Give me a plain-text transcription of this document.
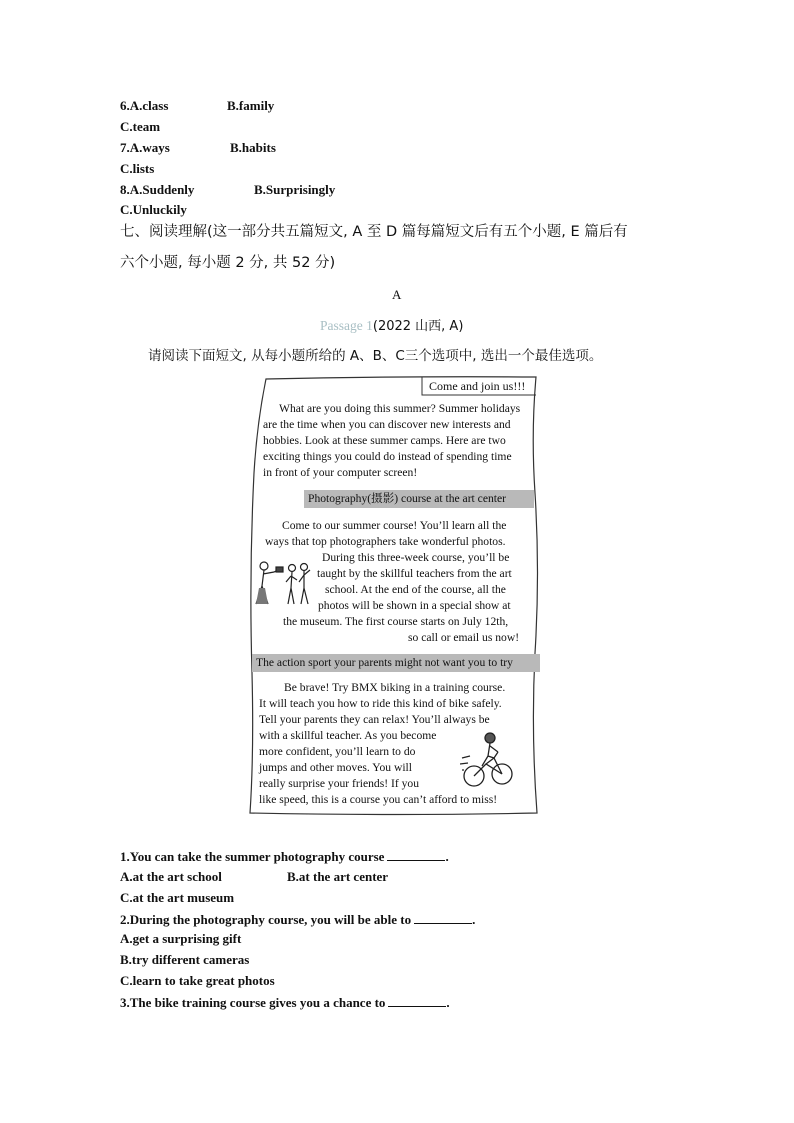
6.A.class	B.family
C.team
7.A.ways	B.habits
C.lists
8.A.Suddenly	B.Surprisingly
C.Unluckily
七、阅读理解(这一部分共五篇短文, A 至 D 篇每篇短文后有五个小题, E 篇后有
六个小题, 每小题 2 分, 共 52 分)
A
Passage 1(2022 山西, A)
请阅读下面短文, 从每小题所给的 A、B、C三个选项中, 选出一个最佳选项。
Come and join us!!!
What are you doing this summer? Summer holidays
are the time when you can discover new interests and
hobbies. Look at these summer camps. Here are two
exciting things you could do instead of spending time
in front of your computer screen!
Photography(摄影) course at the art center
Come to our summer course! You’ll learn all the
ways that top photographers take wonderful photos.
During this three-week course, you’ll be
taught by the skillful teachers from the art
school. At the end of the course, all the
photos will be shown in a special show at
the museum. The first course starts on July 12th,
so call or email us now!
The action sport your parents might not want you to try
Be brave! Try BMX biking in a training course.
It will teach you how to ride this kind of bike safely.
Tell your parents they can relax! You’ll always be
with a skillful teacher. As you become
more confident, you’ll learn to do
jumps and other moves. You will
really surprise your friends! If you
like speed, this is a course you can’t afford to miss!
1.You can take the summer photography course	.
A.at the art school	B.at the art center
C.at the art museum
2.During the photography course, you will be able to	.
A.get a surprising gift
B.try different cameras
C.learn to take great photos
3.The bike training course gives you a chance to	.
